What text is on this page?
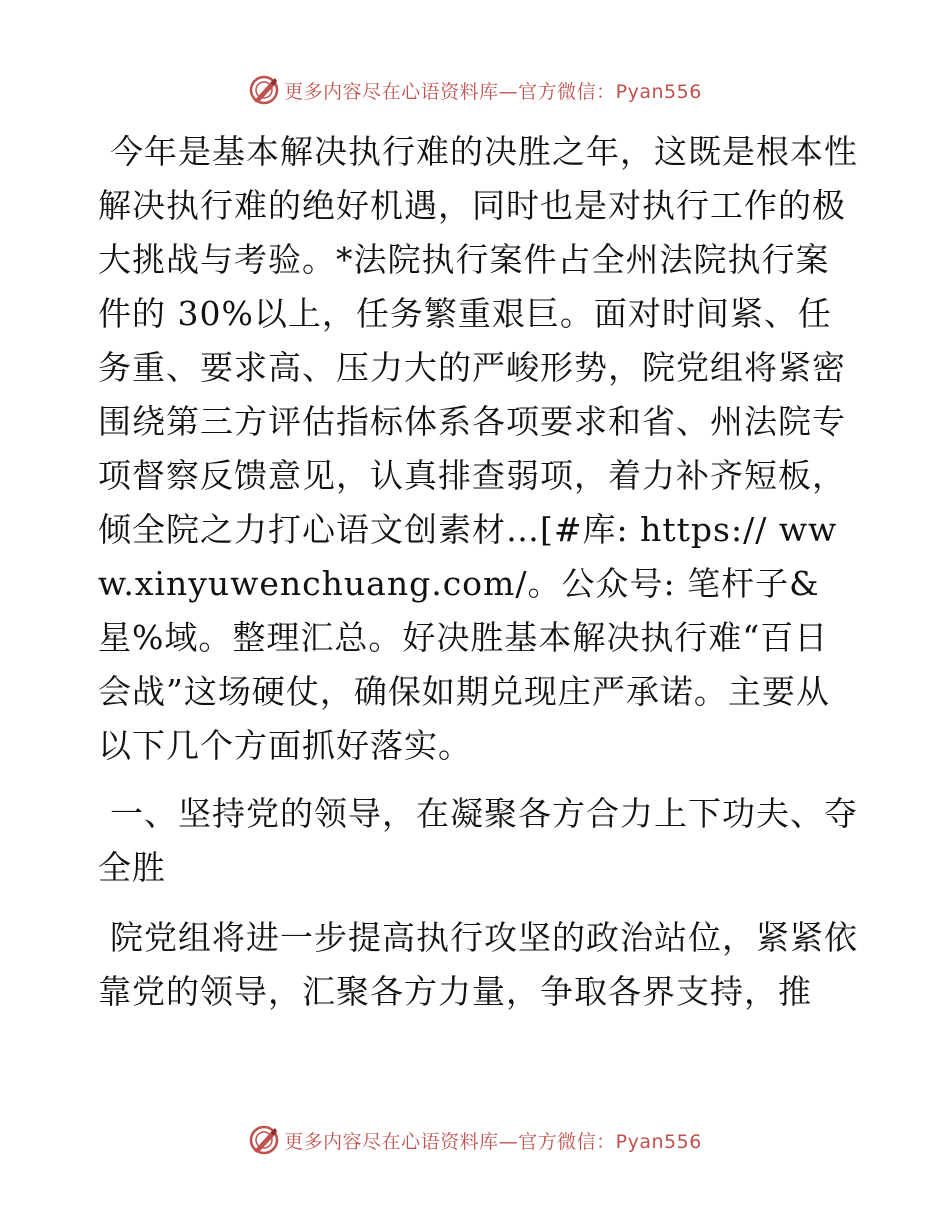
更多内容尽在心语资料库—官方微信：Pyan556

今年是基本解决执行难的决胜之年，这既是根本性解决执行难的绝好机遇，同时也是对执行工作的极大挑战与考验。*法院执行案件占全州法院执行案件的 30%以上，任务繁重艰巨。面对时间紧、任务重、要求高、压力大的严峻形势，院党组将紧密围绕第三方评估指标体系各项要求和省、州法院专项督察反馈意见，认真排查弱项，着力补齐短板，倾全院之力打心语文创素材…[#库: https:// www.xinyuwenchuang.com/。公众号: 笔杆子&星%域。整理汇总。好决胜基本解决执行难“百日会战”这场硬仗，确保如期兑现庄严承诺。主要从以下几个方面抓好落实。

一、坚持党的领导，在凝聚各方合力上下功夫、夺全胜

院党组将进一步提高执行攻坚的政治站位，紧紧依靠党的领导，汇聚各方力量，争取各界支持，推

更多内容尽在心语资料库—官方微信：Pyan556
